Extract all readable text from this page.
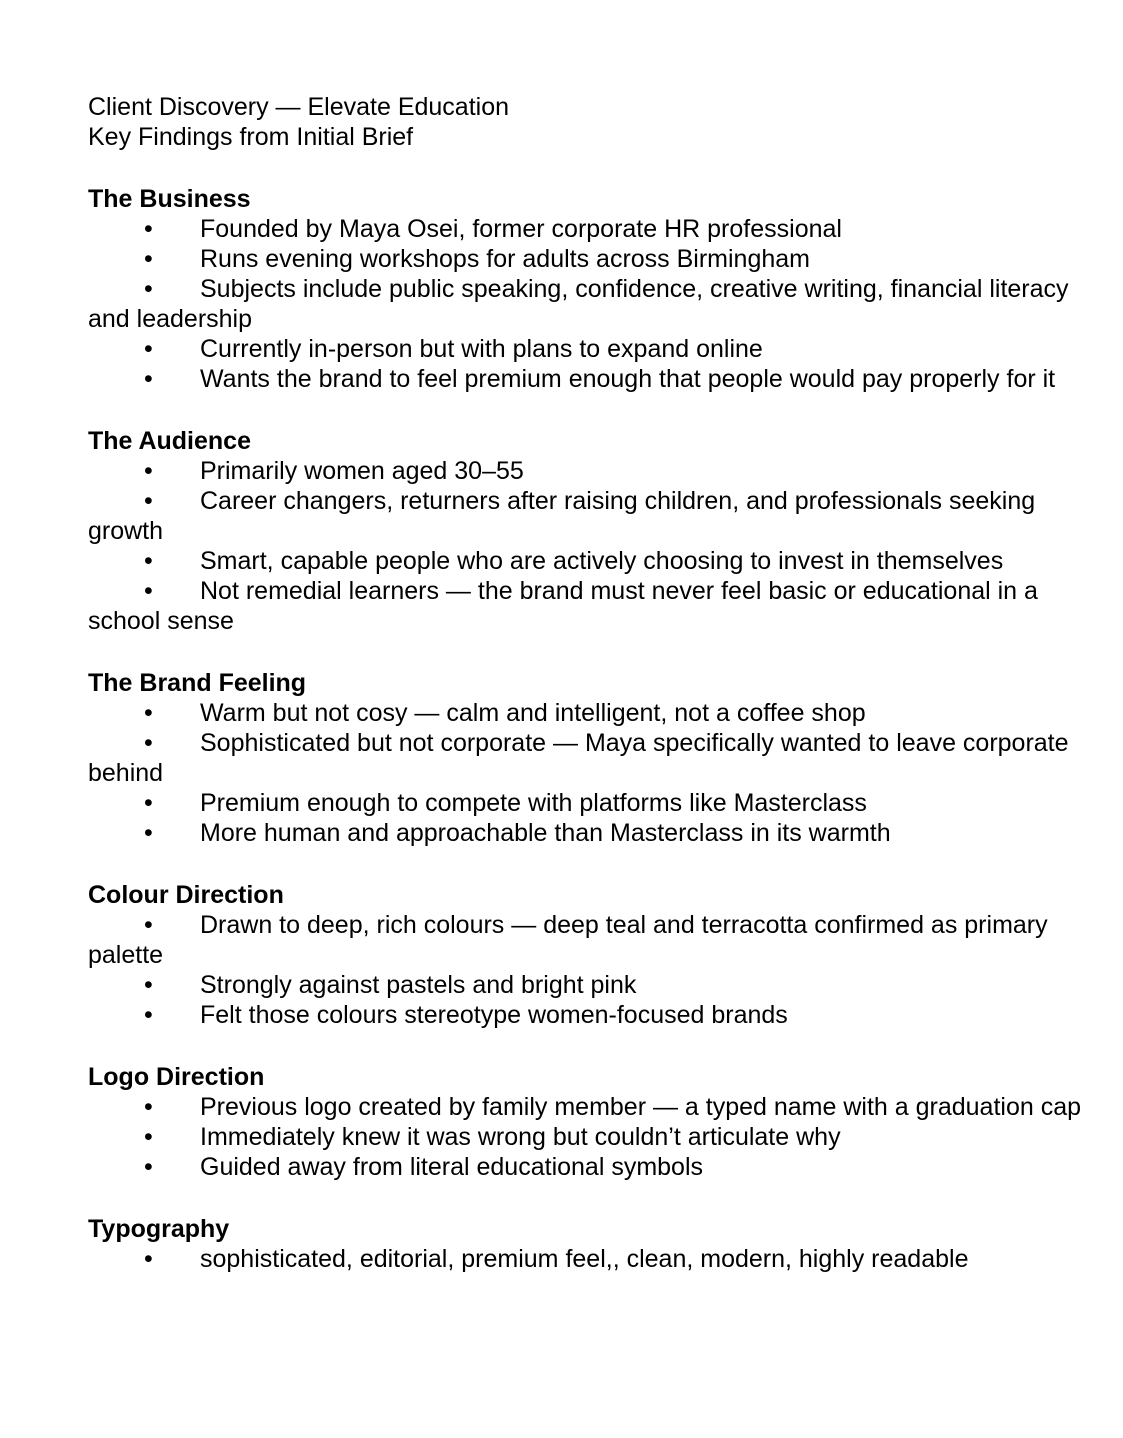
Client Discovery — Elevate Education
Key Findings from Initial Brief
The Business
• Founded by Maya Osei, former corporate HR professional
• Runs evening workshops for adults across Birmingham
• Subjects include public speaking, confidence, creative writing, financial literacy and leadership
• Currently in-person but with plans to expand online
• Wants the brand to feel premium enough that people would pay properly for it
The Audience
• Primarily women aged 30–55
• Career changers, returners after raising children, and professionals seeking growth
• Smart, capable people who are actively choosing to invest in themselves
• Not remedial learners — the brand must never feel basic or educational in a school sense
The Brand Feeling
• Warm but not cosy — calm and intelligent, not a coffee shop
• Sophisticated but not corporate — Maya specifically wanted to leave corporate behind
• Premium enough to compete with platforms like Masterclass
• More human and approachable than Masterclass in its warmth
Colour Direction
• Drawn to deep, rich colours — deep teal and terracotta confirmed as primary palette
• Strongly against pastels and bright pink
• Felt those colours stereotype women-focused brands
Logo Direction
• Previous logo created by family member — a typed name with a graduation cap
• Immediately knew it was wrong but couldn’t articulate why
• Guided away from literal educational symbols
Typography
• sophisticated, editorial, premium feel,, clean, modern, highly readable
